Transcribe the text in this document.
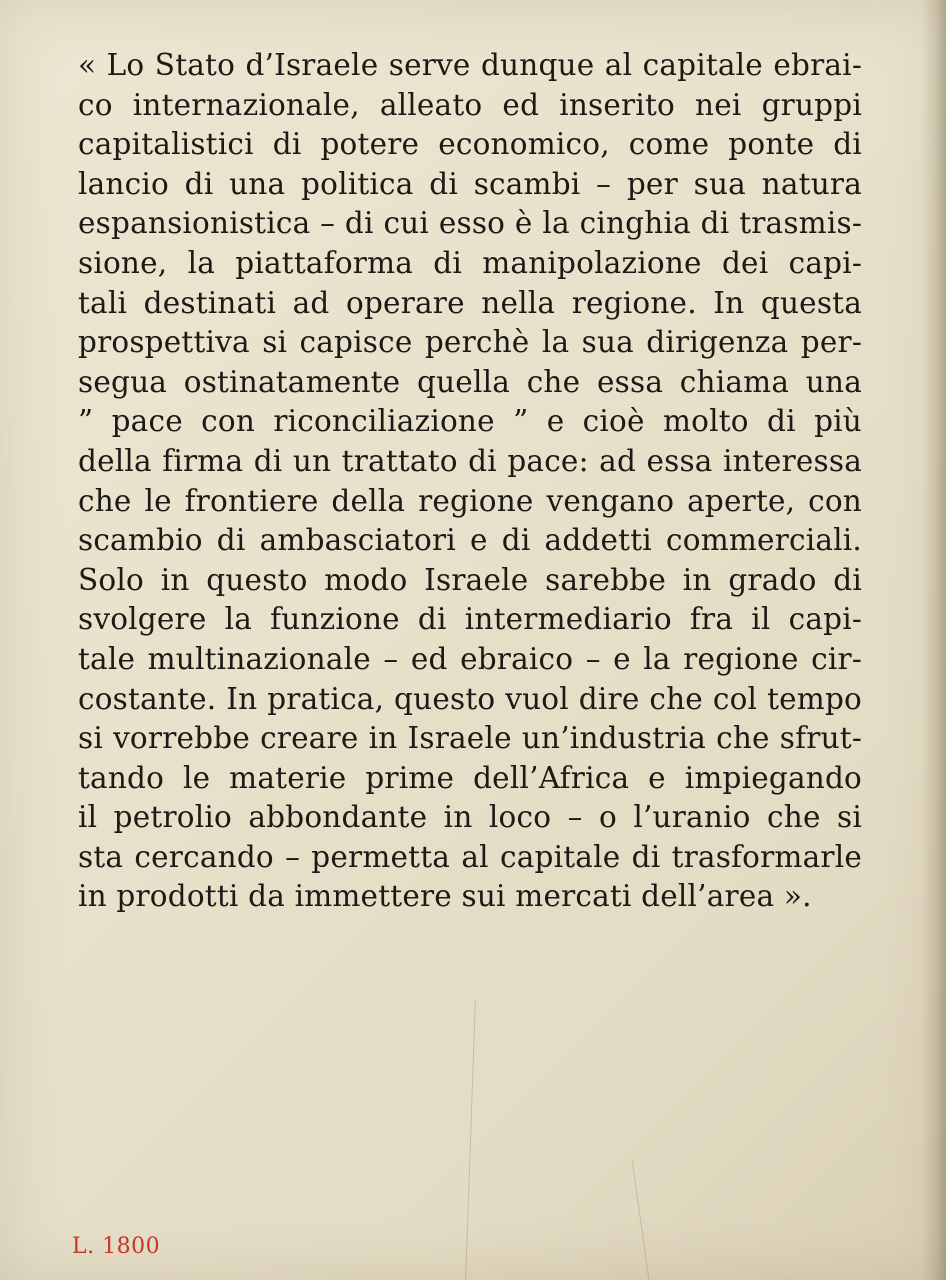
« Lo Stato d’Israele serve dunque al capitale ebrai-
co internazionale, alleato ed inserito nei gruppi
capitalistici di potere economico, come ponte di
lancio di una politica di scambi – per sua natura
espansionistica – di cui esso è la cinghia di trasmis-
sione, la piattaforma di manipolazione dei capi-
tali destinati ad operare nella regione. In questa
prospettiva si capisce perchè la sua dirigenza per-
segua ostinatamente quella che essa chiama una
” pace con riconciliazione ” e cioè molto di più
della firma di un trattato di pace: ad essa interessa
che le frontiere della regione vengano aperte, con
scambio di ambasciatori e di addetti commerciali.
Solo in questo modo Israele sarebbe in grado di
svolgere la funzione di intermediario fra il capi-
tale multinazionale – ed ebraico – e la regione cir-
costante. In pratica, questo vuol dire che col tempo
si vorrebbe creare in Israele un’industria che sfrut-
tando le materie prime dell’Africa e impiegando
il petrolio abbondante in loco – o l’uranio che si
sta cercando – permetta al capitale di trasformarle
in prodotti da immettere sui mercati dell’area ».

L. 1800
